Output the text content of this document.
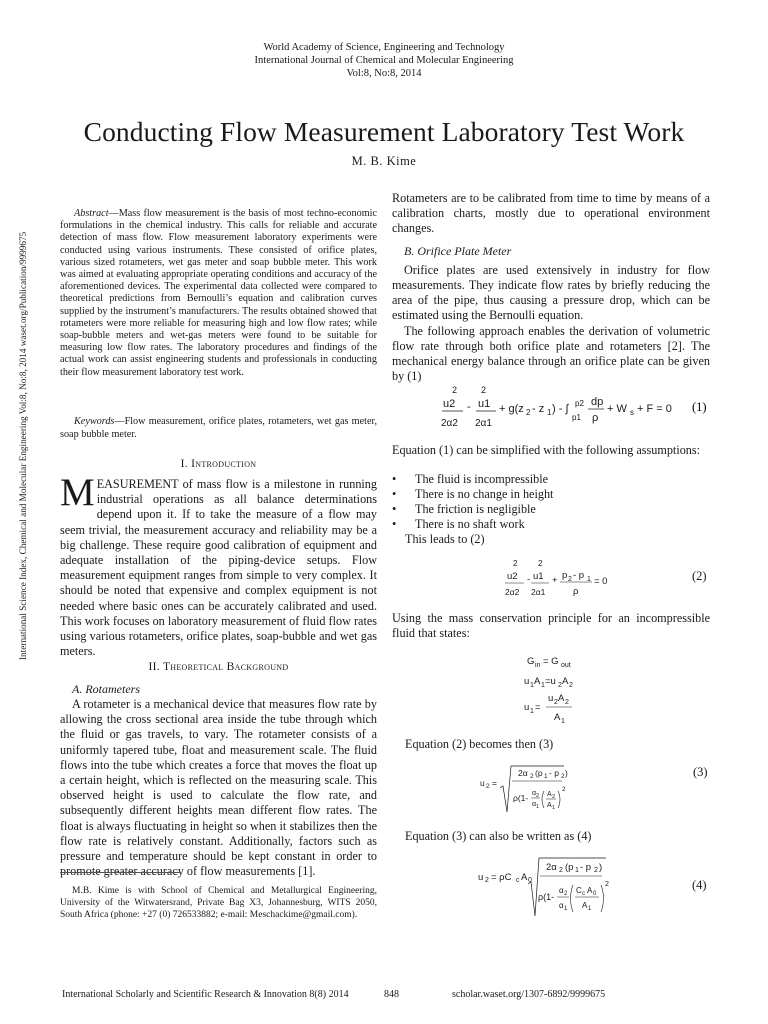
World Academy of Science, Engineering and Technology
International Journal of Chemical and Molecular Engineering
Vol:8, No:8, 2014
Conducting Flow Measurement Laboratory Test Work
M. B. Kime
International Science Index, Chemical and Molecular Engineering Vol:8, No:8, 2014 waset.org/Publication/9999675

Abstract—Mass flow measurement is the basis of most techno-economic formulations in the chemical industry. This calls for reliable and accurate detection of mass flow. Flow measurement laboratory experiments were conducted using various instruments. These consisted of orifice plates, various sized rotameters, wet gas meter and soap bubble meter. This work was aimed at evaluating appropriate operating conditions and accuracy of the aforementioned devices. The experimental data collected were compared to theoretical predictions from Bernoulli’s equation and calibration curves supplied by the instrument’s manufacturers. The results obtained showed that rotameters were more reliable for measuring high and low flow rates; while soap-bubble meters and wet-gas meters were found to be suitable for measuring low flow rates. The laboratory procedures and findings of the actual work can assist engineering students and professionals in conducting their flow measurement laboratory test work.

Keywords—Flow measurement, orifice plates, rotameters, wet gas meter, soap bubble meter.

I. Introduction

MEASUREMENT of mass flow is a milestone in running industrial operations as all balance determinations depend upon it. If to take the measure of a flow may seem trivial, the measurement accuracy and reliability may be a big challenge. These require good calibration of equipment and adequate installation of the piping-device setups. Flow measurement equipment ranges from simple to very complex. It should be noted that expensive and complex equipment is not needed where basic ones can be accurately calibrated and used. This work focuses on laboratory measurement of fluid flow rates using various rotameters, orifice plates, soap-bubble and wet gas meters.

II. Theoretical Background
A. Rotameters

A rotameter is a mechanical device that measures flow rate by allowing the cross sectional area inside the tube through which the fluid or gas travels, to vary. The rotameter consists of a uniformly tapered tube, float and measurement scale. The fluid flows into the tube which creates a force that moves the float up a certain height, which is reflected on the measuring scale. This observed height is used to calculate the flow rate, and subsequently different heights mean different flow rates. The float is always fluctuating in height so when it stabilizes then the flow rate is relatively constant. Additionally, factors such as pressure and temperature should be kept constant in order to promote greater accuracy of flow measurements [1].

M.B. Kime is with School of Chemical and Metallurgical Engineering, University of the Witwatersrand, Private Bag X3, Johannesburg, WITS 2050, South Africa (phone: +27 (0) 726533882; e-mail: Meschackime@gmail.com).

Rotameters are to be calibrated from time to time by means of a calibration charts, mostly due to operational environment changes.

B. Orifice Plate Meter

Orifice plates are used extensively in industry for flow measurements. They indicate flow rates by briefly reducing the area of the pipe, thus causing a pressure drop, which can be estimated using the Bernoulli equation.

The following approach enables the derivation of volumetric flow rate through both orifice plate and rotameters [2]. The mechanical energy balance through an orifice plate can be given by (1)

2	2
u2
2α2
- u1
2α1
+ g(z 2 - z 1 ) - ∫ p2
p1
dp
ρ
+ W s + F = 0 (1)
Equation (1) can be simplified with the following assumptions:
• The fluid is incompressible
• There is no change in height
• The friction is negligible
• There is no shaft work
This leads to (2)
2	2
u2
2α2
- u1
2α1
+ p 2 - p 1
ρ
= 0	(2)
Using the mass conservation principle for an incompressible fluid that states:
G in = G out
u 1 A 1 =u 2 A 2
u 1 =
u 2 A 2
A 1
Equation (2) becomes then (3)
u 2 =
2α 2 (p 1 - p 2 )
ρ(1- α 2
α 1
A 2
A 1
2
(3)
Equation (3) can also be written as (4)
u 2 = ρC c A 0
2α 2 (p 1 - p 2 )
ρ(1-
α 2
α 1
C c A 0
A 1
2	(4)
International Scholarly and Scientific Research & Innovation 8(8) 2014	848	scholar.waset.org/1307-6892/9999675
